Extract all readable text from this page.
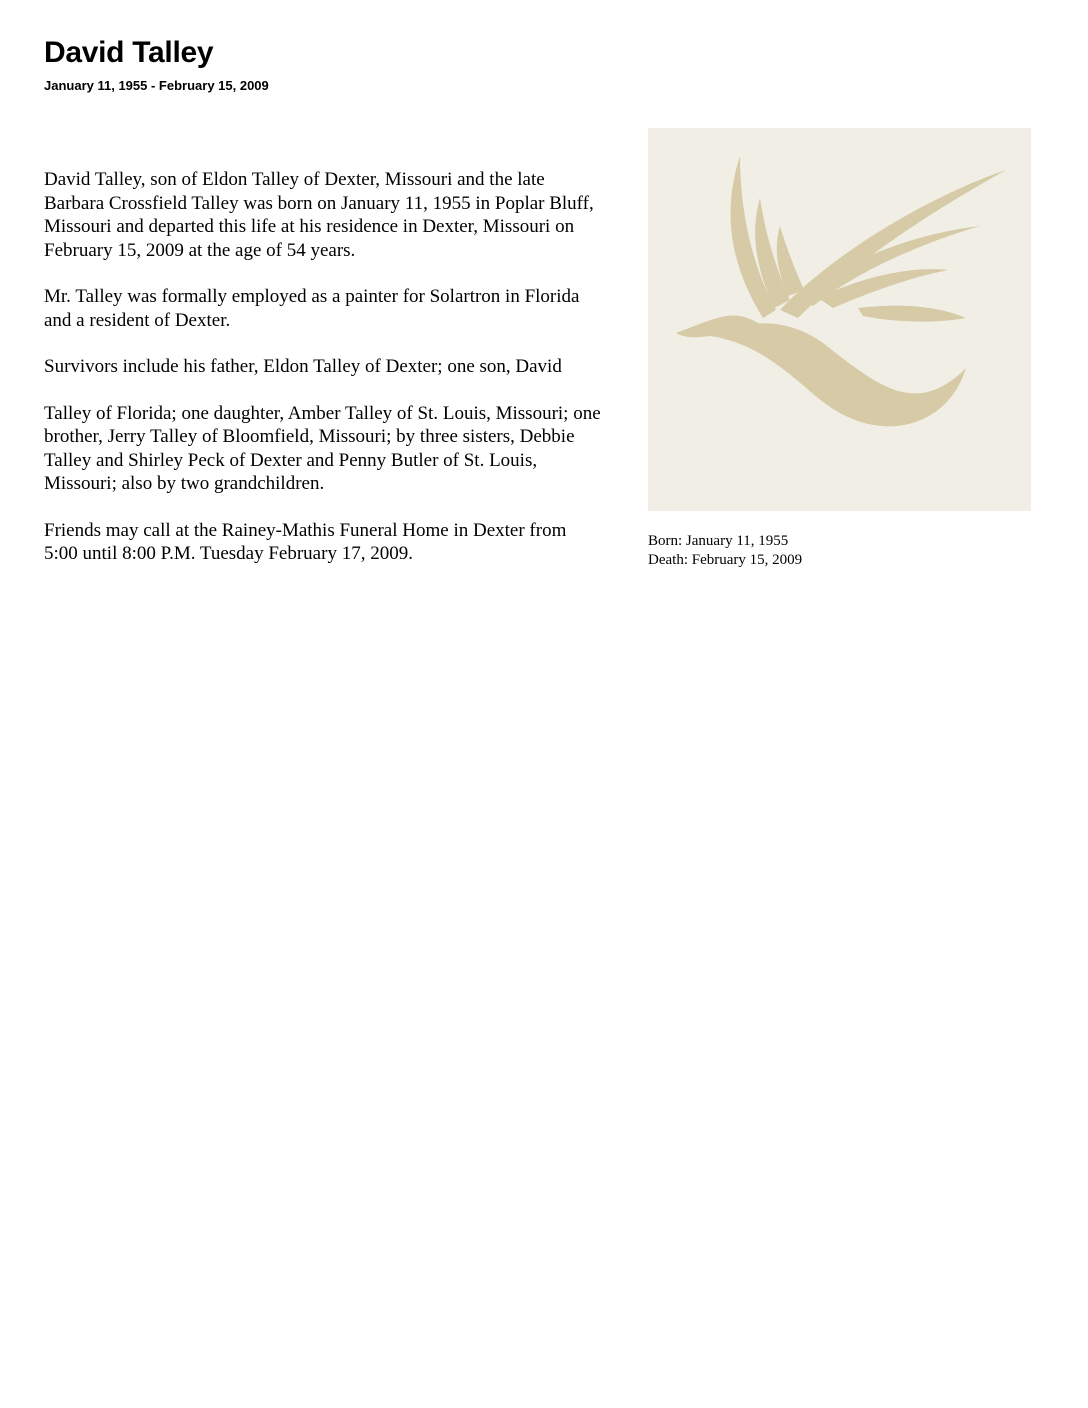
David Talley
January 11, 1955 - February 15, 2009

David Talley, son of Eldon Talley of Dexter, Missouri and the late Barbara Crossfield Talley was born on January 11, 1955 in Poplar Bluff, Missouri and departed this life at his residence in Dexter, Missouri on February 15, 2009 at the age of 54 years.

Mr. Talley was formally employed as a painter for Solartron in Florida and a resident of Dexter.

Survivors include his father, Eldon Talley of Dexter; one son, David

Talley of Florida; one daughter, Amber Talley of St. Louis, Missouri; one brother, Jerry Talley of Bloomfield, Missouri; by three sisters, Debbie Talley and Shirley Peck of Dexter and Penny Butler of St. Louis, Missouri; also by two grandchildren.

Friends may call at the Rainey-Mathis Funeral Home in Dexter from 5:00 until 8:00 P.M. Tuesday February 17, 2009.

Born: January 11, 1955
Death: February 15, 2009
